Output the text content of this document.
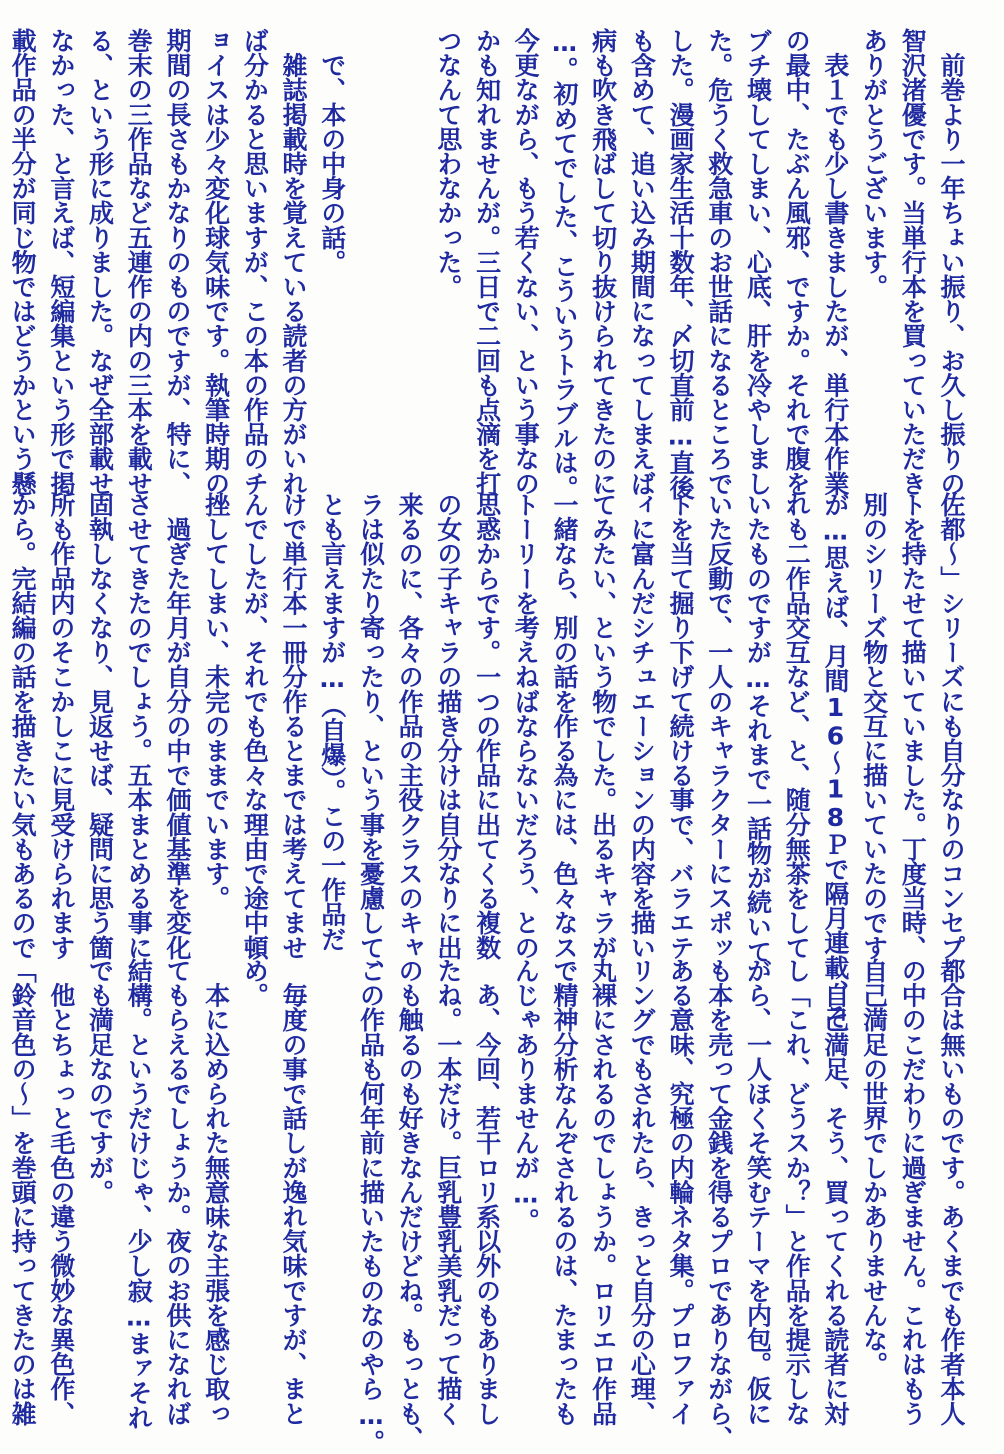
　前巻より一年ちょい振り、お久し振りの

智沢渚優です。当単行本を買っていただき

ありがとうございます。

　表１でも少し書きましたが、単行本作業

の最中、たぶん風邪、ですか。それで腹を

ブチ壊してしまい、心底、肝を冷やしまし

た。危うく救急車のお世話になるところで

した。漫画家生活十数年、〆切直前…直後

も含めて、追い込み期間になってしまえば

病も吹き飛ばして切り抜けられてきたのに

…。初めてでした、こういうトラブルは。

今更ながら、もう若くない、という事なの

かも知れませんが。三日で二回も点滴を打

つなんて思わなかった。

　で、本の中身の話。

　雑誌掲載時を覚えている読者の方がいれ

ば分かると思いますが、この本の作品のチ

ョイスは少々変化球気味です。執筆時期の

期間の長さもかなりのものですが、特に、

巻末の三作品など五連作の内の三本を載せ

る、という形に成りました。なぜ全部載せ

なかった、と言えば、短編集という形で掲

載作品の半分が同じ物ではどうかという懸

佐都～」シリーズにも自分なりのコンセプ

トを持たせて描いていました。丁度当時、

別のシリーズ物と交互に描いていたのです

が…思えば、月間16～18Ｐで隔月連載、そ

れも二作品交互など、と、随分無茶をして

いたものですが…それまで一話物が続いて

いた反動で、一人のキャラクターにスポッ

トを当て掘り下げて続ける事で、バラエテ

ィに富んだシチュエーションの内容を描い

てみたい、という物でした。出るキャラが

一緒なら、別の話を作る為には、色々なス

トーリーを考えねばならないだろう、との

思惑からです。一つの作品に出てくる複数

の女の子キャラの描き分けは自分なりに出

来るのに、各々の作品の主役クラスのキャ

ラは似たり寄ったり、という事を憂慮して、

とも言えますが…（自爆）。この一作品だ

けで単行本一冊分作るとまでは考えてませ

んでしたが、それでも色々な理由で途中頓

挫してしまい、未完のままでいます。

　過ぎた年月が自分の中で価値基準を変化

させてきたのでしょう。五本まとめる事に

固執しなくなり、見返せば、疑問に思う箇

所も作品内のそこかしこに見受けられます

から。完結編の話を描きたい気もあるので

都合は無いものです。あくまでも作者本人

の中のこだわりに過ぎません。これはもう

自己満足の世界でしかありませんな。

　自己満足、そう、買ってくれる読者に対

し「これ、どうスか？」と作品を提示しな

がら、一人ほくそ笑むテーマを内包。仮に

も本を売って金銭を得るプロでありながら、

ある意味、究極の内輪ネタ集。プロファイ

リングでもされたら、きっと自分の心理、

丸裸にされるのでしょうか。ロリエロ作品

で精神分析なんぞされるのは、たまったも

んじゃありませんが…。

　あ、今回、若干ロリ系以外のもありまし

たね。一本だけ。巨乳豊乳美乳だって描く

のも触るのも好きなんだけどね。もっとも、

この作品も何年前に描いたものなのやら…。

　毎度の事で話しが逸れ気味ですが、まと

め。

　本に込められた無意味な主張を感じ取っ

てもらえるでしょうか。夜のお供になれば

結構。というだけじゃ、少し寂…まァそれ

でも満足なのですが。

　他とちょっと毛色の違う微妙な異色作、

「鈴音色の～」を巻頭に持ってきたのは雑
